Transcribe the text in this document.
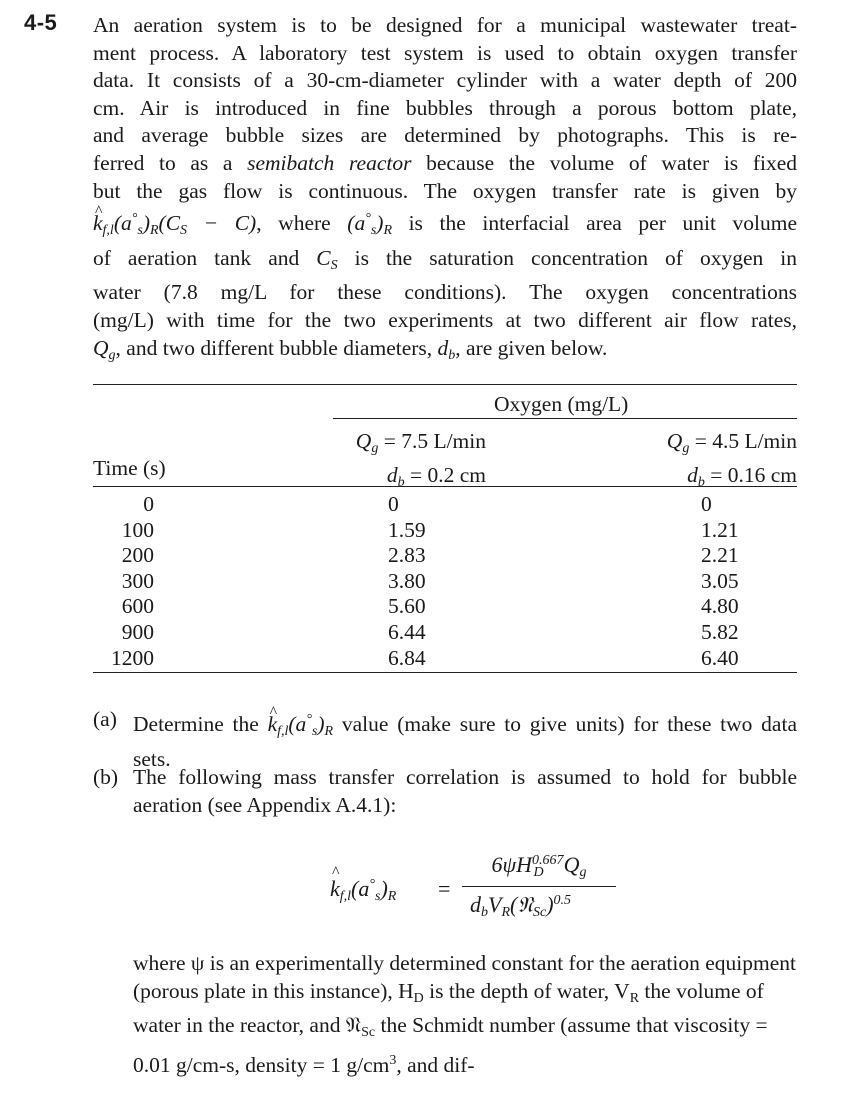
4-5 An aeration system is to be designed for a municipal wastewater treat-
ment process. A laboratory test system is used to obtain oxygen transfer
data. It consists of a 30-cm-diameter cylinder with a water depth of 200
cm. Air is introduced in fine bubbles through a porous bottom plate,
and average bubble sizes are determined by photographs. This is re-
ferred to as a semibatch reactor because the volume of water is fixed
but the gas flow is continuous. The oxygen transfer rate is given by
^ $k_{f,l}(a^\circ_s)_R(C_S - C)$, where $(a^\circ_s)_R$ is the interfacial area per unit volume
of aeration tank and $C_S$ is the saturation concentration of oxygen in
water (7.8 mg/L for these conditions). The oxygen concentrations
(mg/L) with time for the two experiments at two different air flow rates,
$Q_g$, and two different bubble diameters, $d_b$, are given below.

Oxygen (mg/L)
$Q_g = 7.5$ L/min
$d_b = 0.2$ cm
$Q_g = 4.5$ L/min
$d_b = 0.16$ cm
Time (s)
0
100
200
300
600
900
1200
0
1.59
2.83
3.80
5.60
6.44
6.84
0
1.21
2.21
3.05
4.80
5.82
6.40
(a) Determine the ^ $k_{f,l}(a^\circ_s)_R$ value (make sure to give units) for these two data sets.
(b) The following mass transfer correlation is assumed to hold for bubble aeration (see Appendix A.4.1):
^ $k_{f,l}(a^\circ_s)_R$ =
$6\psi H^{0.667}_D$ $Q_g$
$d_bV_R(𝔑_{Sc})^{0.5}$

where ψ is an experimentally determined constant for the aeration equipment (porous plate in this instance), $H_D$ is the depth of water, $V_R$ the volume of water in the reactor, and 𝔑$_{Sc}$ the Schmidt number (assume that viscosity = 0.01 g/cm-s, density = 1 $g/cm^3$, and dif-
